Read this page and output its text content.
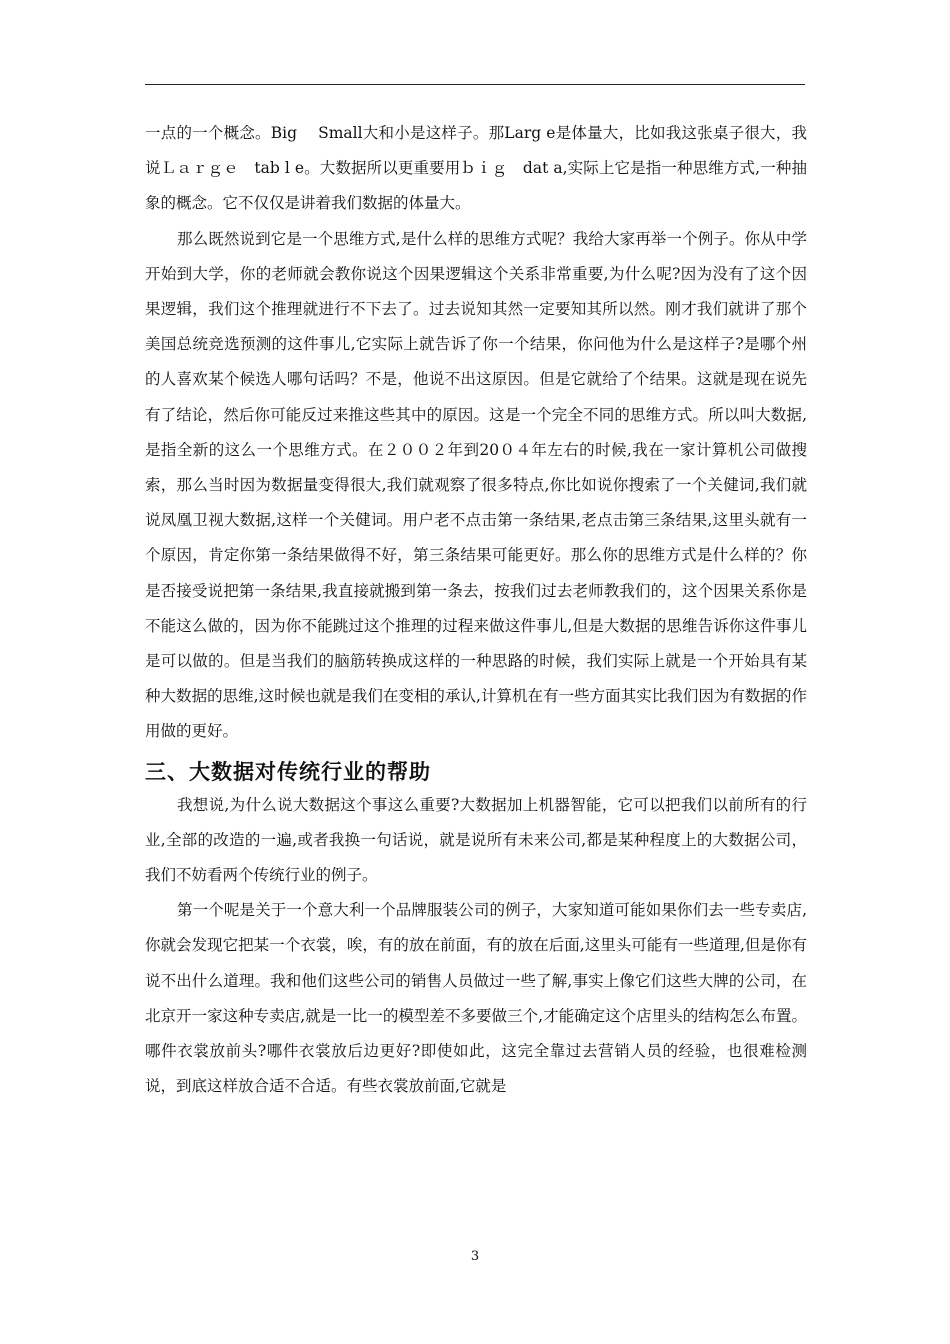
一点的一个概念。Big　 Small大和小是这样子。那Larg e是体量大，比如我这张桌子很大，我说Ｌａｒｇｅ　tab l e。大数据所以更重要用ｂｉｇ　dat a,实际上它是指一种思维方式,一种抽象的概念。它不仅仅是讲着我们数据的体量大。

那么既然说到它是一个思维方式,是什么样的思维方式呢？我给大家再举一个例子。你从中学开始到大学，你的老师就会教你说这个因果逻辑这个关系非常重要,为什么呢?因为没有了这个因果逻辑，我们这个推理就进行不下去了。过去说知其然一定要知其所以然。刚才我们就讲了那个美国总统竞选预测的这件事儿,它实际上就告诉了你一个结果，你问他为什么是这样子?是哪个州的人喜欢某个候选人哪句话吗？不是，他说不出这原因。但是它就给了个结果。这就是现在说先有了结论，然后你可能反过来推这些其中的原因。这是一个完全不同的思维方式。所以叫大数据,是指全新的这么一个思维方式。在２００２年到20０４年左右的时候,我在一家计算机公司做搜索，那么当时因为数据量变得很大,我们就观察了很多特点,你比如说你搜索了一个关健词,我们就说凤凰卫视大数据,这样一个关健词。用户老不点击第一条结果,老点击第三条结果,这里头就有一个原因，肯定你第一条结果做得不好，第三条结果可能更好。那么你的思维方式是什么样的？你是否接受说把第一条结果,我直接就搬到第一条去，按我们过去老师教我们的，这个因果关系你是不能这么做的，因为你不能跳过这个推理的过程来做这件事儿,但是大数据的思维告诉你这件事儿是可以做的。但是当我们的脑筋转换成这样的一种思路的时候，我们实际上就是一个开始具有某种大数据的思维,这时候也就是我们在变相的承认,计算机在有一些方面其实比我们因为有数据的作用做的更好。

三、大数据对传统行业的帮助

我想说,为什么说大数据这个事这么重要?大数据加上机器智能，它可以把我们以前所有的行业,全部的改造的一遍,或者我换一句话说，就是说所有未来公司,都是某种程度上的大数据公司，我们不妨看两个传统行业的例子。

第一个呢是关于一个意大利一个品牌服装公司的例子，大家知道可能如果你们去一些专卖店,你就会发现它把某一个衣裳，唉，有的放在前面，有的放在后面,这里头可能有一些道理,但是你有说不出什么道理。我和他们这些公司的销售人员做过一些了解,事实上像它们这些大牌的公司，在北京开一家这种专卖店,就是一比一的模型差不多要做三个,才能确定这个店里头的结构怎么布置。哪件衣裳放前头?哪件衣裳放后边更好?即使如此，这完全靠过去营销人员的经验，也很难检测说，到底这样放合适不合适。有些衣裳放前面,它就是

3
